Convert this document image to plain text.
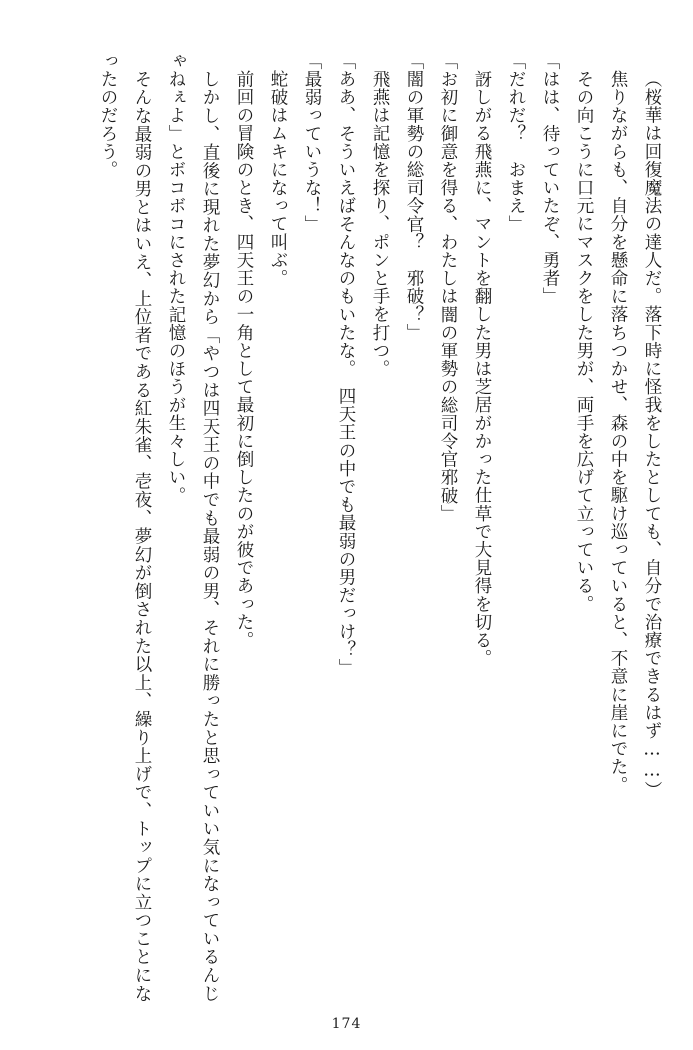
（桜華は回復魔法の達人だ。落下時に怪我をしたとしても、自分で治療できるはず……）

焦りながらも、自分を懸命に落ちつかせ、森の中を駆け巡っていると、不意に崖にでた。

その向こうに口元にマスクをした男が、両手を広げて立っている。

「はは、待っていたぞ、勇者」

「だれだ？　おまえ」

訝しがる飛燕に、マントを翻した男は芝居がかった仕草で大見得を切る。

「お初に御意を得る、わたしは闇の軍勢の総司令官邪破」

「闇の軍勢の総司令官？　邪破？」

飛燕は記憶を探り、ポンと手を打つ。

「ああ、そういえばそんなのもいたな。　四天王の中でも最弱の男だっけ？」

「最弱っていうな！」

蛇破はムキになって叫ぶ。

前回の冒険のとき、四天王の一角として最初に倒したのが彼であった。

しかし、直後に現れた夢幻から「やつは四天王の中でも最弱の男、それに勝ったと思っていい気になっているんじゃねぇよ」とボコボコにされた記憶のほうが生々しい。

そんな最弱の男とはいえ、上位者である紅朱雀、壱夜、夢幻が倒された以上、繰り上げで、トップに立つことになったのだろう。

174
